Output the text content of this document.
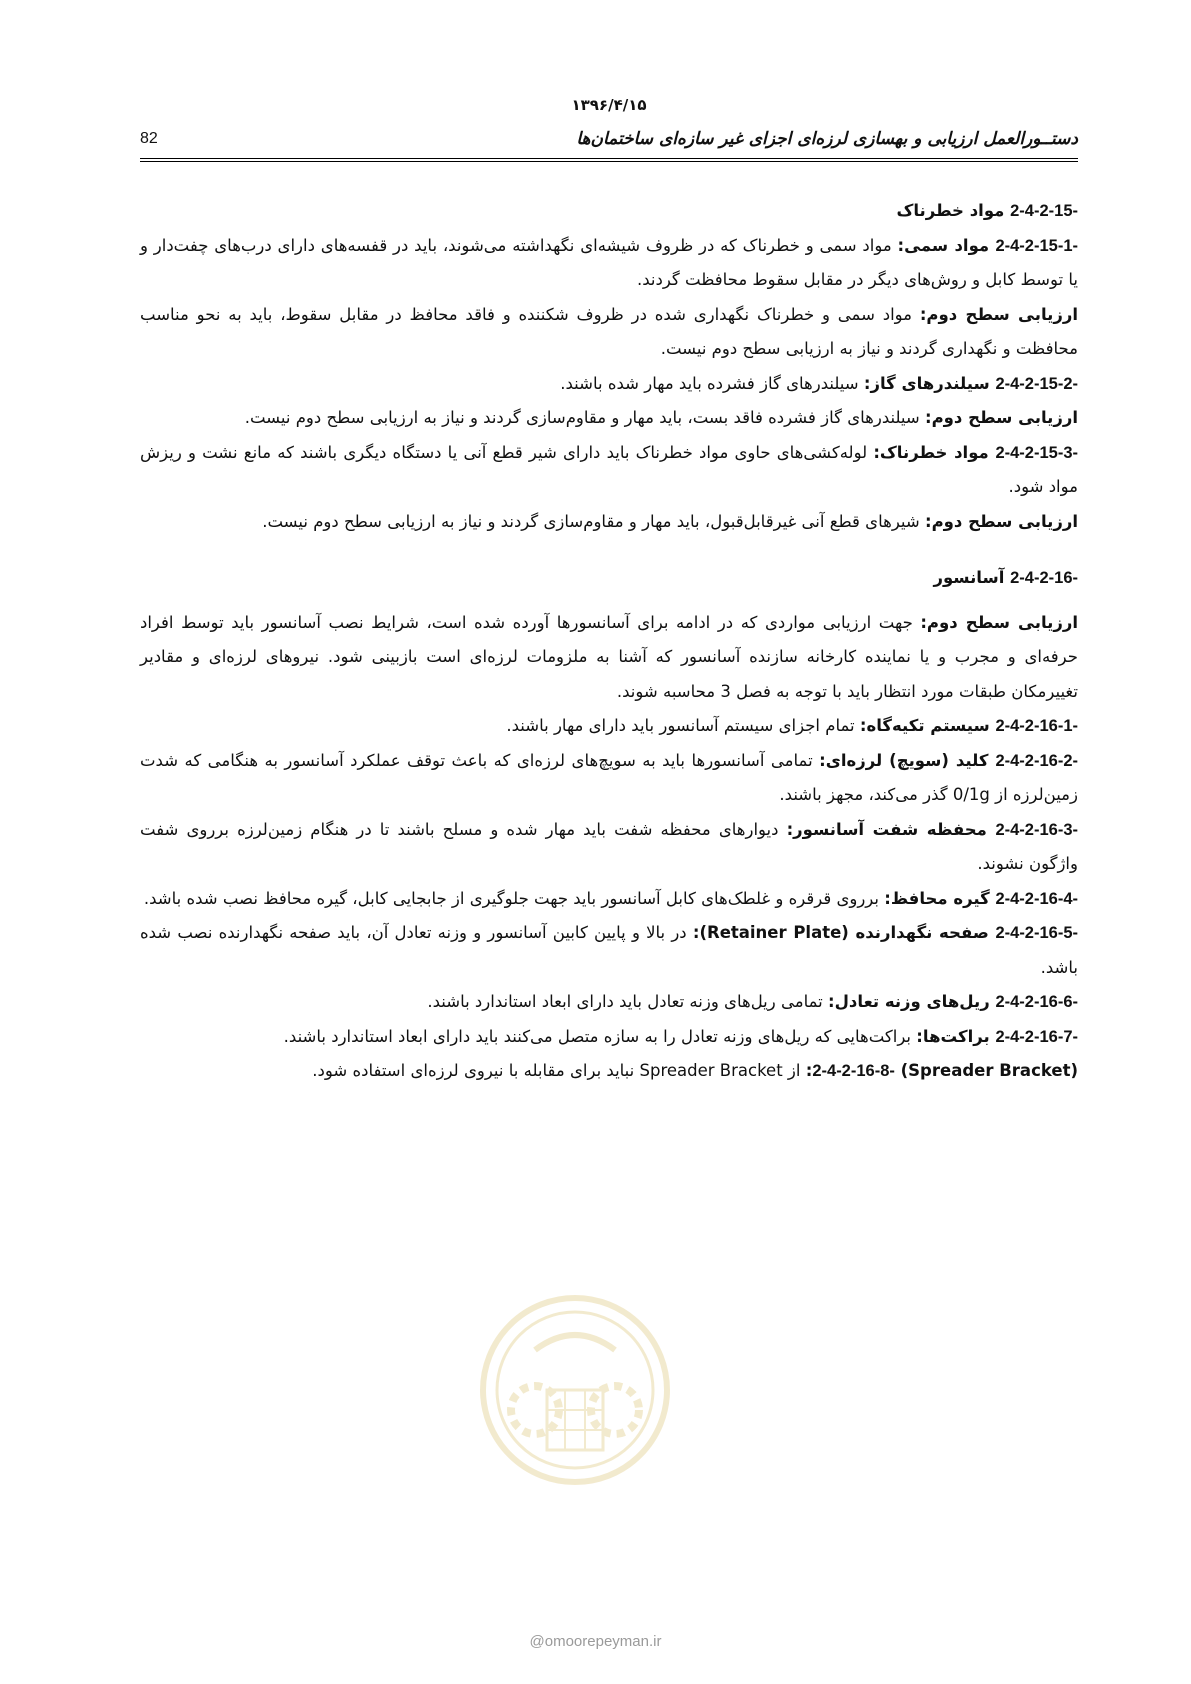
۱۳۹۶/۴/۱۵
82	دستــورالعمل ارزیابی و بهسازی لرزه‌ای اجزای غیر سازه‌ای ساختمان‌ها

2-4-2-15- مواد خطرناک

2-4-2-15-1- مواد سمی: مواد سمی و خطرناک که در ظروف شیشه‌ای نگهداشته می‌شوند، باید در قفسه‌های دارای درب‌های چفت‌دار و یا توسط کابل و روش‌های دیگر در مقابل سقوط محافظت گردند.

ارزیابی سطح دوم: مواد سمی و خطرناک نگهداری شده در ظروف شکننده و فاقد محافظ در مقابل سقوط، باید به نحو مناسب محافظت و نگهداری گردند و نیاز به ارزیابی سطح دوم نیست.

2-4-2-15-2- سیلندرهای گاز: سیلندرهای گاز فشرده باید مهار شده باشند.

ارزیابی سطح دوم: سیلندرهای گاز فشرده فاقد بست، باید مهار و مقاوم‌سازی گردند و نیاز به ارزیابی سطح دوم نیست.

2-4-2-15-3- مواد خطرناک: لوله‌کشی‌های حاوی مواد خطرناک باید دارای شیر قطع آنی یا دستگاه دیگری باشند که مانع نشت و ریزش مواد شود.

ارزیابی سطح دوم: شیرهای قطع آنی غیرقابل‌قبول، باید مهار و مقاوم‌سازی گردند و نیاز به ارزیابی سطح دوم نیست.

2-4-2-16- آسانسور

ارزیابی سطح دوم: جهت ارزیابی مواردی که در ادامه برای آسانسورها آورده شده است، شرایط نصب آسانسور باید توسط افراد حرفه‌ای و مجرب و یا نماینده کارخانه سازنده آسانسور که آشنا به ملزومات لرزه‌ای است بازبینی شود. نیروهای لرزه‌ای و مقادیر تغییرمکان طبقات مورد انتظار باید با توجه به فصل 3 محاسبه شوند.

2-4-2-16-1- سیستم تکیه‌گاه: تمام اجزای سیستم آسانسور باید دارای مهار باشند.

2-4-2-16-2- کلید (سویچ) لرزه‌ای: تمامی آسانسورها باید به سویچ‌های لرزه‌ای که باعث توقف عملکرد آسانسور به هنگامی که شدت زمین‌لرزه از 0/1g گذر می‌کند، مجهز باشند.

2-4-2-16-3- محفظه شفت آسانسور: دیوارهای محفظه شفت باید مهار شده و مسلح باشند تا در هنگام زمین‌لرزه برروی شفت واژگون نشوند.

2-4-2-16-4- گیره محافظ: برروی قرقره و غلطک‌های کابل آسانسور باید جهت جلوگیری از جابجایی کابل، گیره محافظ نصب شده باشد.

2-4-2-16-5- صفحه نگهدارنده (Retainer Plate): در بالا و پایین کابین آسانسور و وزنه تعادل آن، باید صفحه نگهدارنده نصب شده باشد.

2-4-2-16-6- ریل‌های وزنه تعادل: تمامی ریل‌های وزنه تعادل باید دارای ابعاد استاندارد باشند.

2-4-2-16-7- براکت‌ها: براکت‌هایی که ریل‌های وزنه تعادل را به سازه متصل می‌کنند باید دارای ابعاد استاندارد باشند.

2-4-2-16-8- (Spreader Bracket): از Spreader Bracket نباید برای مقابله با نیروی لرزه‌ای استفاده شود.

@omoorepeyman.ir
